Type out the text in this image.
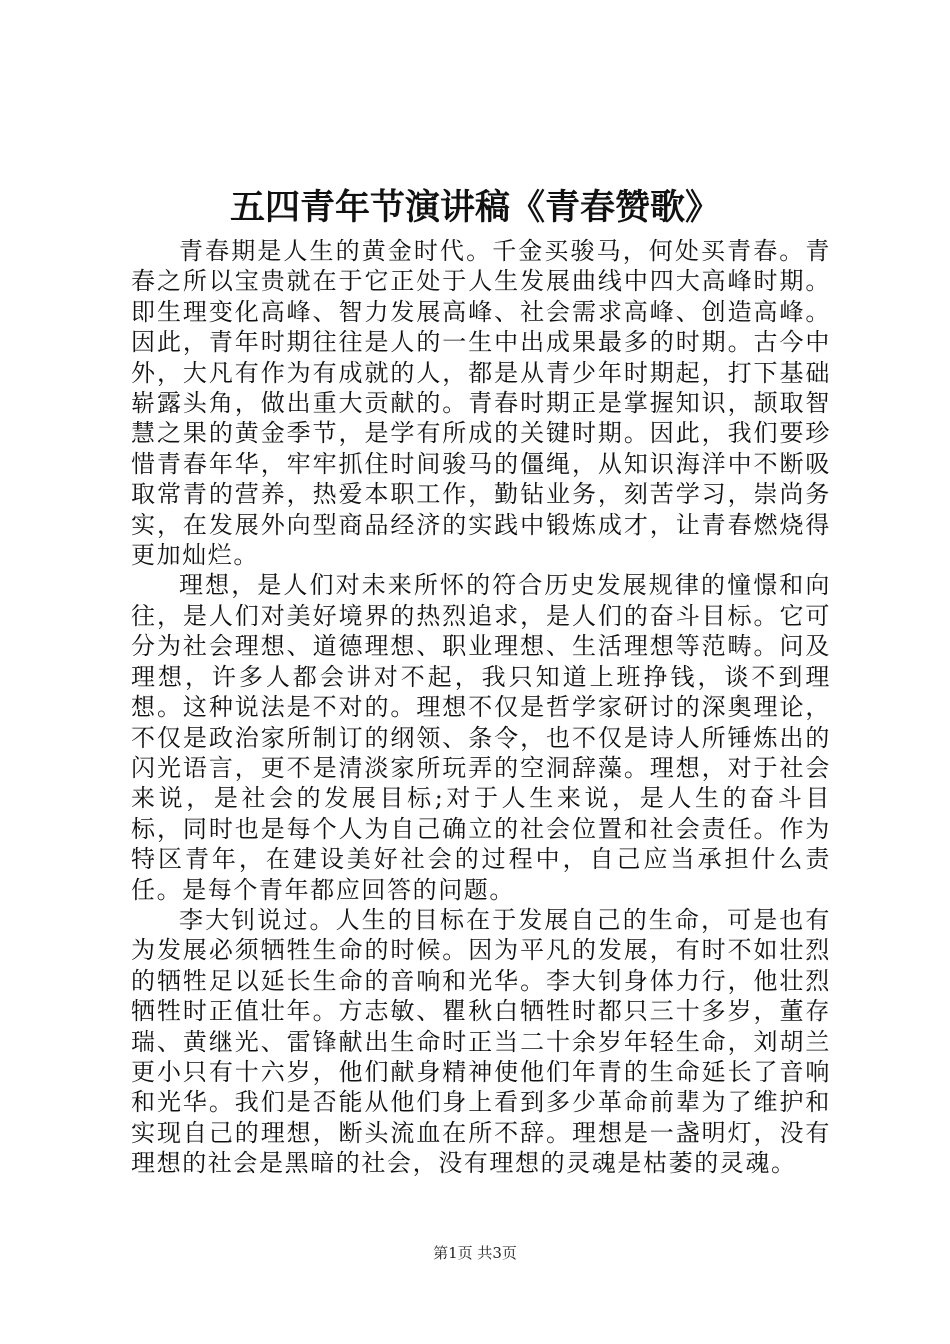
五四青年节演讲稿《青春赞歌》

青春期是人生的黄金时代。千金买骏马，何处买青春。青春之所以宝贵就在于它正处于人生发展曲线中四大高峰时期。即生理变化高峰、智力发展高峰、社会需求高峰、创造高峰。因此，青年时期往往是人的一生中出成果最多的时期。古今中外，大凡有作为有成就的人，都是从青少年时期起，打下基础崭露头角，做出重大贡献的。青春时期正是掌握知识，颉取智慧之果的黄金季节，是学有所成的关键时期。因此，我们要珍惜青春年华，牢牢抓住时间骏马的僵绳，从知识海洋中不断吸取常青的营养，热爱本职工作，勤钻业务，刻苦学习，崇尚务实，在发展外向型商品经济的实践中锻炼成才，让青春燃烧得更加灿烂。

理想，是人们对未来所怀的符合历史发展规律的憧憬和向往，是人们对美好境界的热烈追求，是人们的奋斗目标。它可分为社会理想、道德理想、职业理想、生活理想等范畴。问及理想，许多人都会讲对不起，我只知道上班挣钱，谈不到理想。这种说法是不对的。理想不仅是哲学家研讨的深奥理论，不仅是政治家所制订的纲领、条令，也不仅是诗人所锤炼出的闪光语言，更不是清淡家所玩弄的空洞辞藻。理想，对于社会来说，是社会的发展目标;对于人生来说，是人生的奋斗目标，同时也是每个人为自己确立的社会位置和社会责任。作为特区青年，在建设美好社会的过程中，自己应当承担什么责任。是每个青年都应回答的问题。

李大钊说过。人生的目标在于发展自己的生命，可是也有为发展必须牺牲生命的时候。因为平凡的发展，有时不如壮烈的牺牲足以延长生命的音响和光华。李大钊身体力行，他壮烈牺牲时正值壮年。方志敏、瞿秋白牺牲时都只三十多岁，董存瑞、黄继光、雷锋献出生命时正当二十余岁年轻生命，刘胡兰更小只有十六岁，他们献身精神使他们年青的生命延长了音响和光华。我们是否能从他们身上看到多少革命前辈为了维护和实现自己的理想，断头流血在所不辞。理想是一盏明灯，没有理想的社会是黑暗的社会，没有理想的灵魂是枯萎的灵魂。

第1页 共3页
